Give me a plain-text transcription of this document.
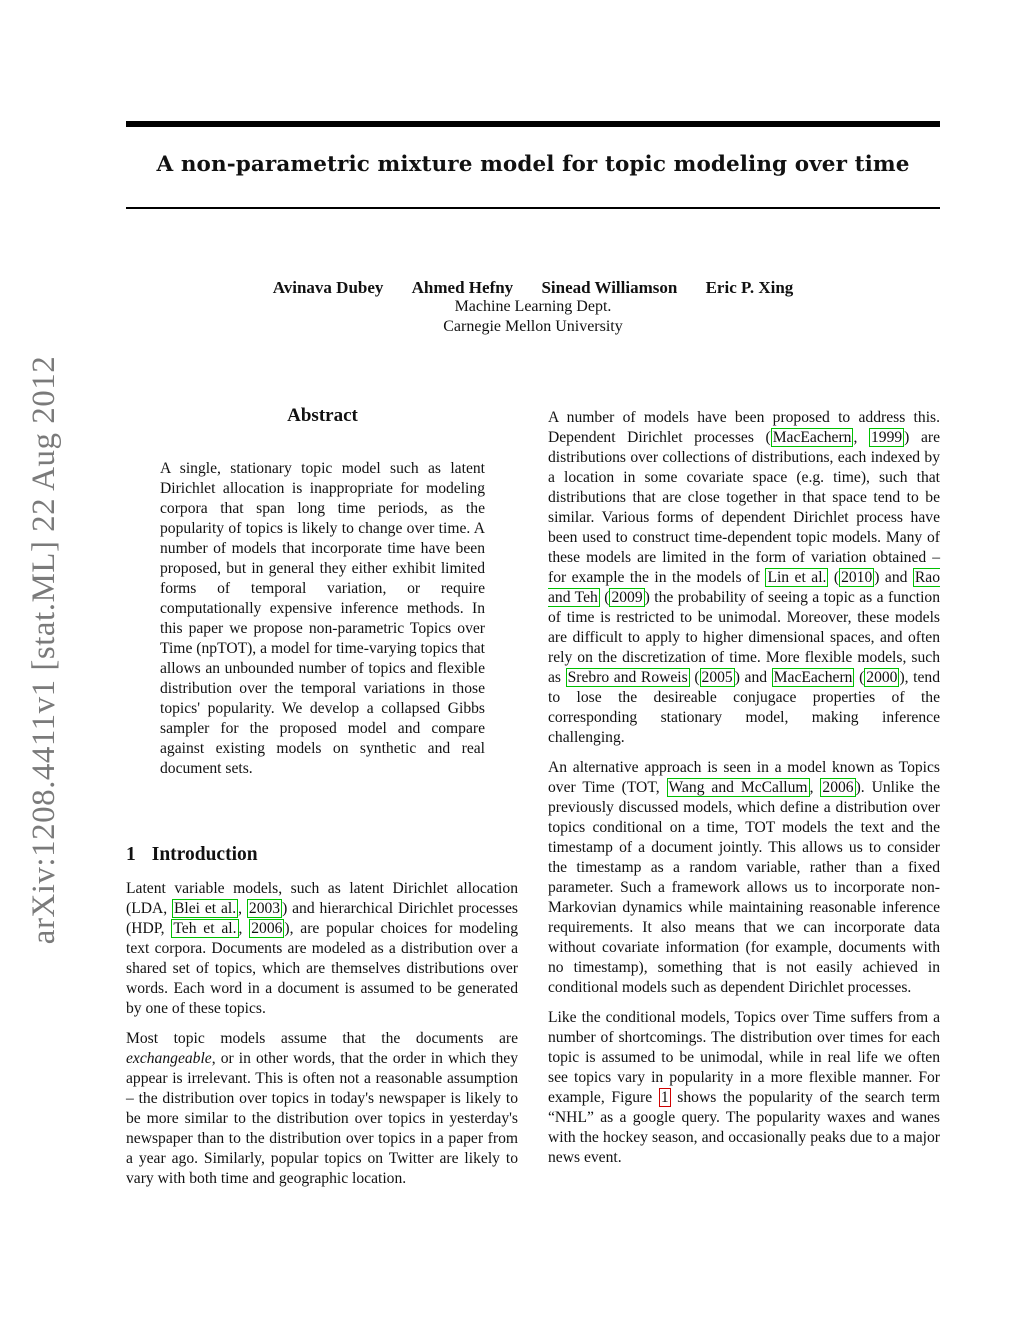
A non-parametric mixture model for topic modeling over time
Avinava Dubey Ahmed Hefny Sinead Williamson Eric P. Xing
Machine Learning Dept.
Carnegie Mellon University
arXiv:1208.4411v1 [stat.ML] 22 Aug 2012	Abstract
A single, stationary topic model such as latent Dirichlet allocation is inappropriate for modeling corpora that span long time periods, as the popularity of topics is likely to change over time. A number of models that incorporate time have been proposed, but in general they either exhibit limited forms of temporal variation, or require computationally expensive inference methods. In this paper we propose non-parametric Topics over Time (npTOT), a model for time-varying topics that allows an unbounded number of topics and flexible distribution over the temporal variations in those topics' popularity. We develop a collapsed Gibbs sampler for the proposed model and compare against existing models on synthetic and real document sets.
1 Introduction

Latent variable models, such as latent Dirichlet allocation (LDA, Blei et al. , 2003 ) and hierarchical Dirichlet processes (HDP, Teh et al. , 2006 ), are popular choices for modeling text corpora. Documents are modeled as a distribution over a shared set of topics, which are themselves distributions over words. Each word in a document is assumed to be generated by one of these topics.

Most topic models assume that the documents are exchangeable, or in other words, that the order in which they appear is irrelevant. This is often not a reasonable assumption – the distribution over topics in today's newspaper is likely to be more similar to the distribution over topics in yesterday's newspaper than to the distribution over topics in a paper from a year ago. Similarly, popular topics on Twitter are likely to vary with both time and geographic location.

A number of models have been proposed to address this. Dependent Dirichlet processes ( MacEachern , 1999 ) are distributions over collections of distributions, each indexed by a location in some covariate space (e.g. time), such that distributions that are close together in that space tend to be similar. Various forms of dependent Dirichlet process have been used to construct time-dependent topic models. Many of these models are limited in the form of variation obtained – for example the in the models of Lin et al. ( 2010 ) and Rao and Teh ( 2009 ) the probability of seeing a topic as a function of time is restricted to be unimodal. Moreover, these models are difficult to apply to higher dimensional spaces, and often rely on the discretization of time. More flexible models, such as Srebro and Roweis ( 2005 ) and MacEachern ( 2000 ), tend to lose the desireable conjugace properties of the corresponding stationary model, making inference challenging.

An alternative approach is seen in a model known as Topics over Time (TOT, Wang and McCallum , 2006 ). Unlike the previously discussed models, which define a distribution over topics conditional on a time, TOT models the text and the timestamp of a document jointly. This allows us to consider the timestamp as a random variable, rather than a fixed parameter. Such a framework allows us to incorporate non-Markovian dynamics while maintaining reasonable inference requirements. It also means that we can incorporate data without covariate information (for example, documents with no timestamp), something that is not easily achieved in conditional models such as dependent Dirichlet processes.

Like the conditional models, Topics over Time suffers from a number of shortcomings. The distribution over times for each topic is assumed to be unimodal, while in real life we often see topics vary in popularity in a more flexible manner. For example, Figure 1 shows the popularity of the search term “NHL” as a google query. The popularity waxes and wanes with the hockey season, and occasionally peaks due to a major news event.
